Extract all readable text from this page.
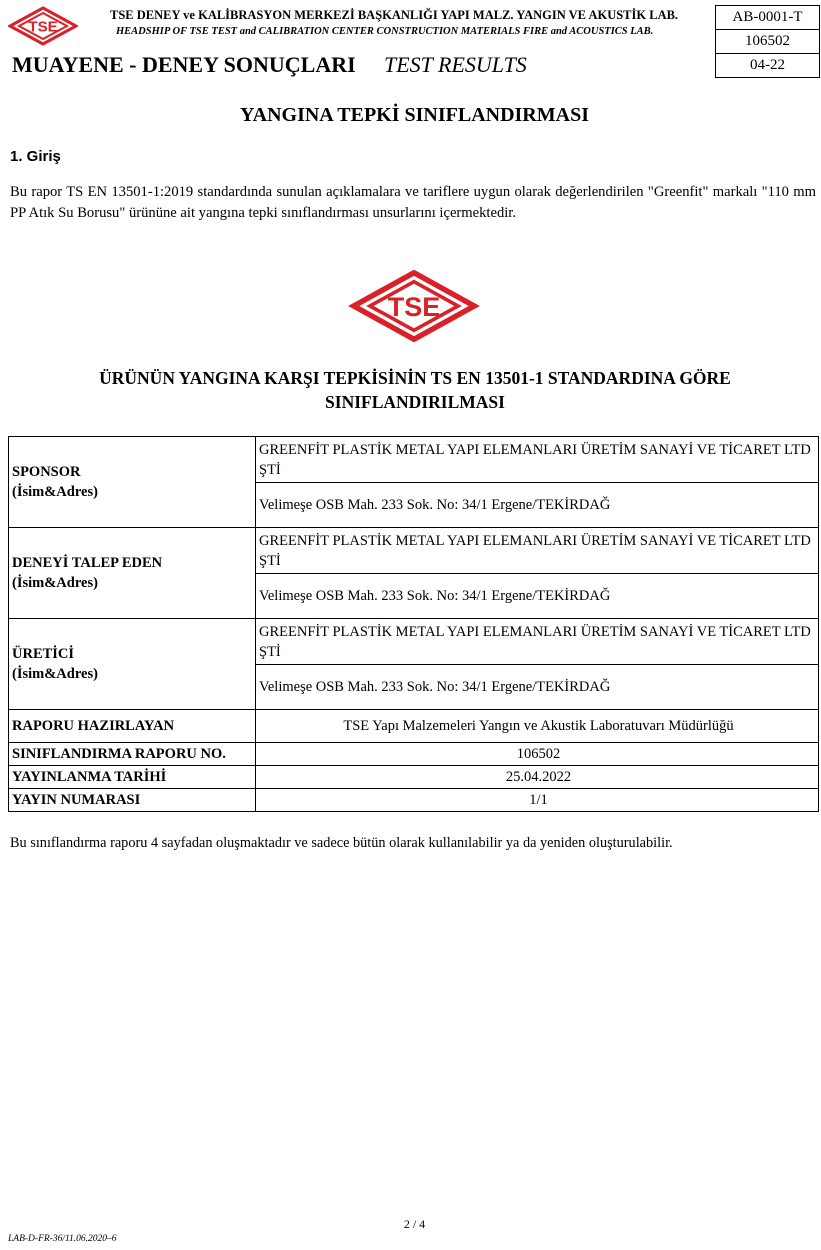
TSE
TSE DENEY ve KALİBRASYON MERKEZİ BAŞKANLIĞI YAPI MALZ. YANGIN VE AKUSTİK LAB.
HEADSHIP OF TSE TEST and CALIBRATION CENTER CONSTRUCTION MATERIALS FIRE and ACOUSTICS LAB.
MUAYENE - DENEY SONUÇLARI TEST RESULTS
AB-0001-T
106502
04-22
YANGINA TEPKİ SINIFLANDIRMASI
1. Giriş
Bu rapor TS EN 13501-1:2019 standardında sunulan açıklamalara ve tariflere uygun olarak değerlendirilen "Greenfit" markalı "110 mm PP Atık Su Borusu" ürününe ait yangına tepki sınıflandırması unsurlarını içermektedir.
TSE
ÜRÜNÜN YANGINA KARŞI TEPKİSİNİN TS EN 13501-1 STANDARDINA GÖRE
SINIFLANDIRILMASI
SPONSOR
(İsim&Adres)	GREENFİT PLASTİK METAL YAPI ELEMANLARI ÜRETİM SANAYİ VE TİCARET LTD ŞTİ
	Velimeşe OSB Mah. 233 Sok. No: 34/1 Ergene/TEKİRDAĞ

DENEYİ TALEP EDEN
(İsim&Adres)	GREENFİT PLASTİK METAL YAPI ELEMANLARI ÜRETİM SANAYİ VE TİCARET LTD ŞTİ
	Velimeşe OSB Mah. 233 Sok. No: 34/1 Ergene/TEKİRDAĞ

ÜRETİCİ
(İsim&Adres)	GREENFİT PLASTİK METAL YAPI ELEMANLARI ÜRETİM SANAYİ VE TİCARET LTD ŞTİ
	Velimeşe OSB Mah. 233 Sok. No: 34/1 Ergene/TEKİRDAĞ
RAPORU HAZIRLAYAN	TSE Yapı Malzemeleri Yangın ve Akustik Laboratuvarı Müdürlüğü
SINIFLANDIRMA RAPORU NO.	106502
YAYINLANMA TARİHİ	25.04.2022
YAYIN NUMARASI	1/1
Bu sınıflandırma raporu 4 sayfadan oluşmaktadır ve sadece bütün olarak kullanılabilir ya da yeniden oluşturulabilir.
2 / 4
LAB-D-FR-36/11.06.2020–6
